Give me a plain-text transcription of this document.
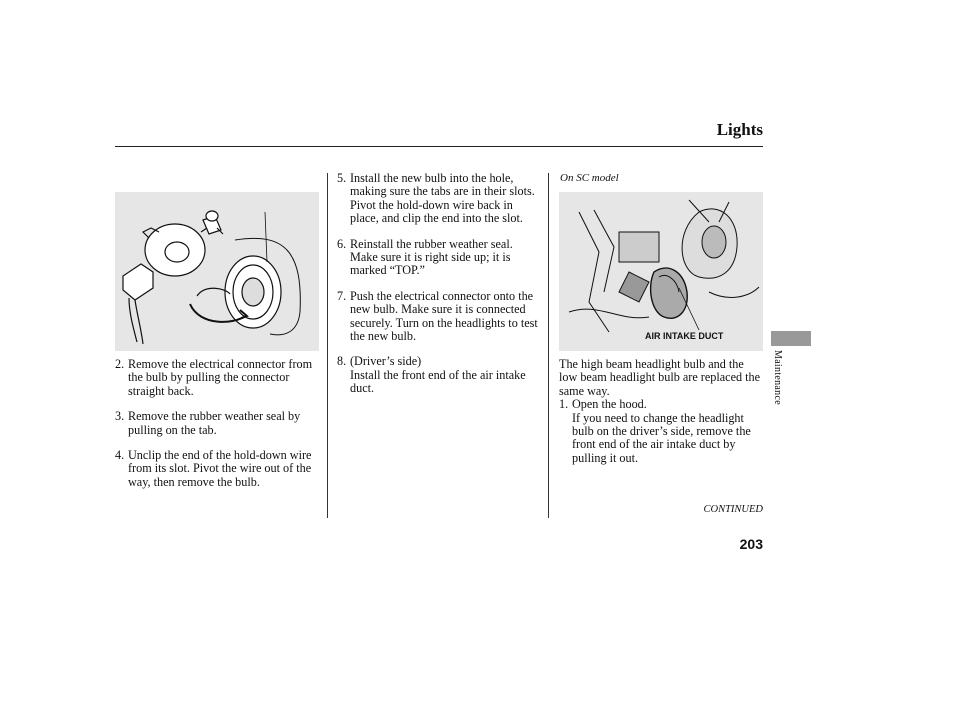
Lights
2. Remove the electrical connector from the bulb by pulling the connector straight back.
3. Remove the rubber weather seal by pulling on the tab.
4. Unclip the end of the hold-down wire from its slot. Pivot the wire out of the way, then remove the bulb.
5. Install the new bulb into the hole, making sure the tabs are in their slots. Pivot the hold-down wire back in place, and clip the end into the slot.
6. Reinstall the rubber weather seal. Make sure it is right side up; it is marked “TOP.”
7. Push the electrical connector onto the new bulb. Make sure it is connected securely. Turn on the headlights to test the new bulb.
8. (Driver’s side)
Install the front end of the air intake duct.
On SC model
AIR INTAKE DUCT
The high beam headlight bulb and the low beam headlight bulb are replaced the same way.
1. Open the hood.
If you need to change the headlight bulb on the driver’s side, remove the front end of the air intake duct by pulling it out.
CONTINUED
Maintenance
203
